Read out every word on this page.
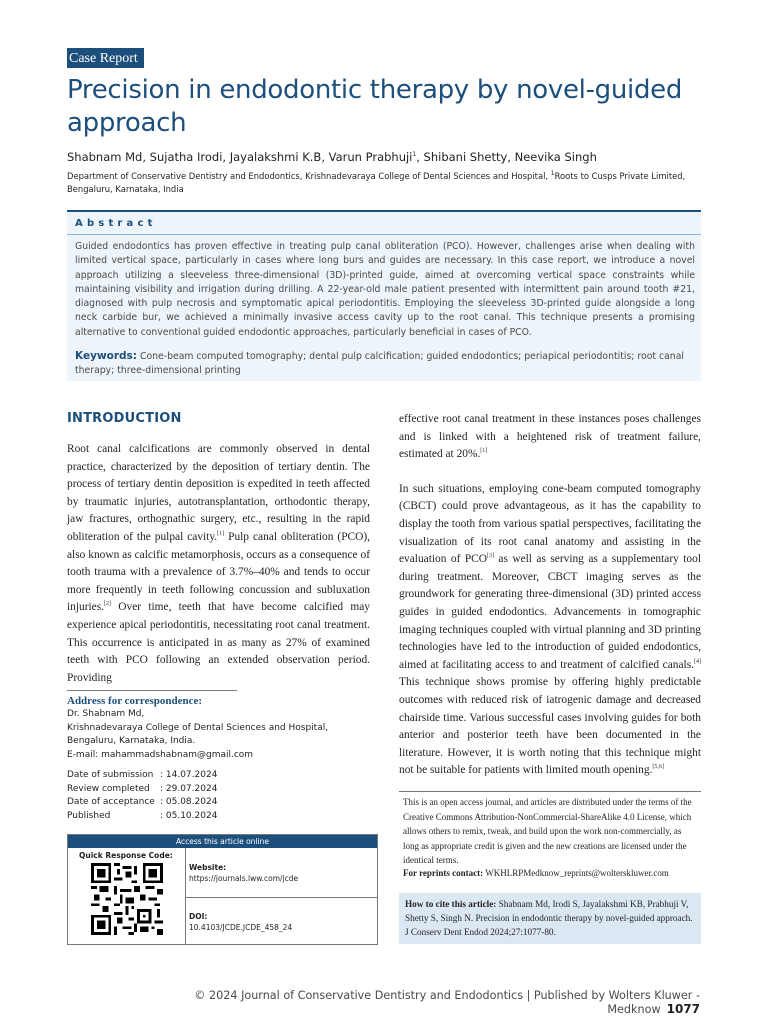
Case Report
Precision in endodontic therapy by novel-guided approach
Shabnam Md, Sujatha Irodi, Jayalakshmi K.B, Varun Prabhuji$^1$, Shibani Shetty, Neevika Singh
Department of Conservative Dentistry and Endodontics, Krishnadevaraya College of Dental Sciences and Hospital, $^1$Roots to Cusps Private Limited, Bengaluru, Karnataka, India
Abstract

Guided endodontics has proven effective in treating pulp canal obliteration (PCO). However, challenges arise when dealing with limited vertical space, particularly in cases where long burs and guides are necessary. In this case report, we introduce a novel approach utilizing a sleeveless three-dimensional (3D)-printed guide, aimed at overcoming vertical space constraints while maintaining visibility and irrigation during drilling. A 22-year-old male patient presented with intermittent pain around tooth #21, diagnosed with pulp necrosis and symptomatic apical periodontitis. Employing the sleeveless 3D-printed guide alongside a long neck carbide bur, we achieved a minimally invasive access cavity up to the root canal. This technique presents a promising alternative to conventional guided endodontic approaches, particularly beneficial in cases of PCO.

Keywords: Cone-beam computed tomography; dental pulp calcification; guided endodontics; periapical periodontitis; root canal therapy; three-dimensional printing

INTRODUCTION
Root canal calcifications are commonly observed in dental practice, characterized by the deposition of tertiary dentin. The process of tertiary dentin deposition is expedited in teeth affected by traumatic injuries, autotransplantation, orthodontic therapy, jaw fractures, orthognathic surgery, etc., resulting in the rapid obliteration of the pulpal cavity.[1] Pulp canal obliteration (PCO), also known as calcific metamorphosis, occurs as a consequence of tooth trauma with a prevalence of 3.7%–40% and tends to occur more frequently in teeth following concussion and subluxation injuries.[2] Over time, teeth that have become calcified may experience apical periodontitis, necessitating root canal treatment. This occurrence is anticipated in as many as 27% of examined teeth with PCO following an extended observation period. Providing

effective root canal treatment in these instances poses challenges and is linked with a heightened risk of treatment failure, estimated at 20%.[1]

In such situations, employing cone-beam computed tomography (CBCT) could prove advantageous, as it has the capability to display the tooth from various spatial perspectives, facilitating the visualization of its root canal anatomy and assisting in the evaluation of PCO[3] as well as serving as a supplementary tool during treatment. Moreover, CBCT imaging serves as the groundwork for generating three-dimensional (3D) printed access guides in guided endodontics. Advancements in tomographic imaging techniques coupled with virtual planning and 3D printing technologies have led to the introduction of guided endodontics, aimed at facilitating access to and treatment of calcified canals.[4] This technique shows promise by offering highly predictable outcomes with reduced risk of iatrogenic damage and decreased chairside time. Various successful cases involving guides for both anterior and posterior teeth have been documented in the literature. However, it is worth noting that this technique might not be suitable for patients with limited mouth opening.[5,6]

Address for correspondence:
Dr. Shabnam Md,
Krishnadevaraya College of Dental Sciences and Hospital,
Bengaluru, Karnataka, India.
E-mail: mahammadshabnam@gmail.com
Date of submission : 14.07.2024
Review completed	: 29.07.2024
Date of acceptance : 05.08.2024
Published	: 05.10.2024
Access this article online
Quick Response Code:
Website:
https://journals.lww.com/jcde
DOI:
10.4103/JCDE.JCDE_458_24

This is an open access journal, and articles are distributed under the terms of the Creative Commons Attribution-NonCommercial-ShareAlike 4.0 License, which allows others to remix, tweak, and build upon the work non-commercially, as long as appropriate credit is given and the new creations are licensed under the identical terms.

For reprints contact: WKHLRPMedknow_reprints@wolterskluwer.com

How to cite this article: Shabnam Md, Irodi S, Jayalakshmi KB, Prabhuji V, Shetty S, Singh N. Precision in endodontic therapy by novel-guided approach. J Conserv Dent Endod 2024;27:1077-80.
© 2024 Journal of Conservative Dentistry and Endodontics | Published by Wolters Kluwer - Medknow 1077
